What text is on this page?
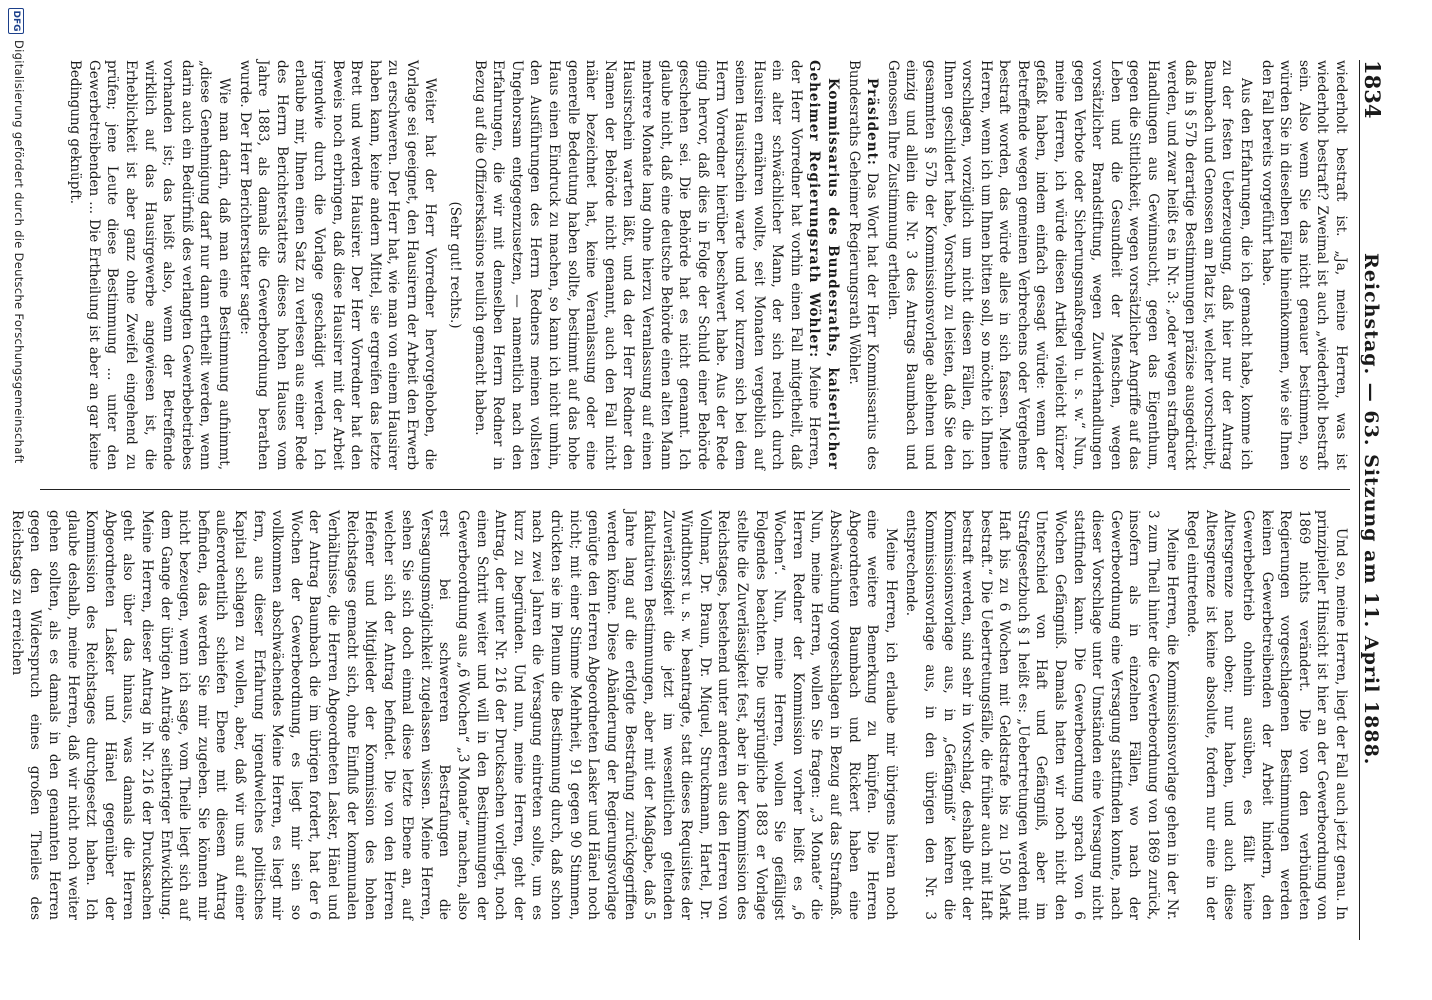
1834
Reichstag. — 63. Sitzung am 11. April 1888.

wiederholt bestraft ist. „Ja, meine Herren, was ist wiederholt bestraft? Zweimal ist auch „wiederholt bestraft sein. Also wenn Sie das nicht genauer bestimmen, so würden Sie in dieselben Fälle hineinkommen, wie sie Ihnen den Fall bereits vorgeführt habe.

Aus den Erfahrungen, die ich gemacht habe, komme ich zu der festen Ueberzeugung, daß hier nur der Antrag Baumbach und Genossen am Platz ist, welcher vorschreibt, daß in § 57b derartige Bestimmungen präzise ausgedrückt werden, und zwar heißt es in Nr. 3: „oder wegen strafbarer Handlungen aus Gewinnsucht, gegen das Eigenthum, gegen die Sittlichkeit, wegen vorsätzlicher Angriffe auf das Leben und die Gesundheit der Menschen, wegen vorsätzlicher Brandstiftung, wegen Zuwiderhandlungen gegen Verbote oder Sicherungsmaßregeln u. s. w.“ Nun, meine Herren, ich würde diesen Artikel vielleicht kürzer gefaßt haben, indem einfach gesagt würde: wenn der Betreffende wegen gemeinen Verbrechens oder Vergehens bestraft worden, das würde alles in sich fassen. Meine Herren, wenn ich um Ihnen bitten soll, so möchte ich Ihnen vorschlagen, vorzüglich um nicht diesen Fällen, die ich Ihnen geschildert habe, Vorschub zu leisten, daß Sie den gesammten § 57b der Kommissionsvorlage ablehnen und einzig und allein die Nr. 3 des Antrags Baumbach und Genossen Ihre Zustimmung ertheilen.

Präsident: Das Wort hat der Herr Kommissarius des Bundesraths Geheimer Regierungsrath Wöhler.

Kommissarius des Bundesraths, kaiserlicher Geheimer Regierungsrath Wöhler: Meine Herren, der Herr Vorredner hat vorhin einen Fall mitgetheilt, daß ein alter schwächlicher Mann, der sich redlich durch Hausiren ernähren wollte, seit Monaten vergeblich auf seinen Hausirschein warte und vor kurzem sich bei dem Herrn Vorredner hierüber beschwert habe. Aus der Rede ging hervor, daß dies in Folge der Schuld einer Behörde geschehen sei. Die Behörde hat es nicht genannt. Ich glaube nicht, daß eine deutsche Behörde einen alten Mann mehrere Monate lang ohne hierzu Veranlassung auf einen Hausirschein warten läßt, und da der Herr Redner den Namen der Behörde nicht genannt, auch den Fall nicht näher bezeichnet hat, keine Veranlassung oder eine generelle Bedeutung haben sollte, bestimmt auf das hohe Haus einen Eindruck zu machen, so kann ich nicht umhin, den Ausführungen des Herrn Redners meinen vollsten Ungehorsam entgegenzusetzen, — namentlich nach den Erfahrungen, die wir mit demselben Herrn Redner in Bezug auf die Offizierskasinos neulich gemacht haben.

(Sehr gut! rechts.)

Weiter hat der Herr Vorredner hervorgehoben, die Vorlage sei geeignet, den Hausirern der Arbeit den Erwerb zu erschweren. Der Herr hat, wie man von einem Hausirer haben kann, keine andern Mittel, sie ergreifen das letzte Brett und werden Hausirer. Der Herr Vorredner hat den Beweis noch erbringen, daß diese Hausirer mit der Arbeit irgendwie durch die Vorlage geschädigt werden. Ich erlaube mir, Ihnen einen Satz zu verlesen aus einer Rede des Herrn Berichterstatters dieses hohen Hauses vom Jahre 1883, als damals die Gewerbeordnung berathen wurde. Der Herr Berichterstatter sagte:

Wie man darin, daß man eine Bestimmung aufnimmt, „diese Genehmigung darf nur dann ertheilt werden, wenn darin auch ein Bedürfniß des verlangten Gewerbebetriebes vorhanden ist; das heißt also, wenn der Betreffende wirklich auf das Hausirgewerbe angewiesen ist, die Erheblichkeit ist aber ganz ohne Zweifel eingehend zu prüfen; jene Leute diese Bestimmung ... unter den Gewerbetreibenden ... Die Ertheilung ist aber an gar keine Bedingung geknüpft.

Und so, meine Herren, liegt der Fall auch jetzt genau. In prinzipieller Hinsicht ist hier an der Gewerbeordnung von 1869 nichts verändert. Die von den verbündeten Regierungen vorgeschlagenen Bestimmungen werden keinen Gewerbetreibenden der Arbeit hindern, den Gewerbebetrieb ohnehin ausüben, es fällt keine Altersgrenze nach oben; nur haben, und auch diese Altersgrenze ist keine absolute, fordern nur eine in der Regel eintretende.

Meine Herren, die Kommissionsvorlage gehen in der Nr. 3 zum Theil hinter die Gewerbeordnung von 1869 zurück, insofern als in einzelnen Fällen, wo nach der Gewerbeordnung eine Versagung stattfinden konnte, nach dieser Vorschlage unter Umständen eine Versagung nicht stattfinden kann. Die Gewerbeordnung sprach von 6 Wochen Gefängniß. Damals hatten wir noch nicht den Unterschied von Haft und Gefängniß, aber im Strafgesetzbuch § 1 heißt es: „Uebertretungen werden mit Haft bis zu 6 Wochen mit Geldstrafe bis zu 150 Mark bestraft.“ Die Uebertretungsfälle, die früher auch mit Haft bestraft werden, sind sehr in Vorschlag, deshalb geht der Kommissionsvorlage aus, in „Gefängniß“ kehren die Kommissionsvorlage aus, in den übrigen den Nr. 3 entsprechende.

Meine Herren, ich erlaube mir übrigens hieran noch eine weitere Bemerkung zu knüpfen. Die Herren Abgeordneten Baumbach und Rickert haben eine Abschwächung vorgeschlagen in Bezug auf das Strafmaß. Nun, meine Herren, wollen Sie fragen: „3 Monate“ die Herren Redner der Kommission vorher heißt es „6 Wochen“. Nun, meine Herren, wollen Sie gefälligst Folgendes beachten. Die ursprüngliche 1883 er Vorlage stellte die Zuverlässigkeit fest, aber in der Kommission des Reichstages, bestehend unter anderen aus den Herren von Vollmar, Dr. Braun, Dr. Miquel, Struckmann, Hartel, Dr. Windthorst u. s. w. beantragte, statt dieses Requisites der Zuverlässigkeit die jetzt im wesentlichen geltenden fakultativen Bestimmungen, aber mit der Maßgabe, daß 5 Jahre lang auf die erfolgte Bestrafung zurückgegriffen werden könne. Diese Abänderung der Regierungsvorlage genügte den Herren Abgeordneten Lasker und Hänel noch nicht; mit einer Stimme Mehrheit, 91 gegen 90 Stimmen, drückten sie im Plenum die Bestimmung durch, daß schon nach zwei Jahren die Versagung eintreten sollte, um es kurz zu begründen. Und nun, meine Herren, geht der Antrag, der unter Nr. 216 der Drucksachen vorliegt, noch einen Schritt weiter und will in den Bestimmungen der Gewerbeordnung aus „6 Wochen“ „3 Monate“ machen, also erst bei schwereren Bestrafungen die Versagungsmöglichkeit zugelassen wissen. Meine Herren, sehen Sie sich doch einmal diese letzte Ebene an, auf welcher sich der Antrag befindet. Die von den Herren Hefener und Mitglieder der Kommission des hohen Reichstages gemacht sich, ohne Einfluß der kommunalen Verhältnisse, die Herren Abgeordneten Lasker, Hänel und der Antrag Baumbach die im übrigen fordert, hat der 6 Wochen der Gewerbeordnung, es liegt mir sein so vollkommen abschwächendes Meine Herren, es liegt mir fern, aus dieser Erfahrung irgendwelches politisches Kapital schlagen zu wollen, aber, daß wir uns auf einer außerordentlich schiefen Ebene mit diesem Antrag befinden, das werden Sie mir zugeben. Sie können mir nicht bezeugen, wenn ich sage, vom Theile liegt sich auf dem Gange der übrigen Anträge seitheriger Entwicklung. Meine Herren, dieser Antrag in Nr. 216 der Drucksachen geht also über das hinaus, was damals die Herren Abgeordneten Lasker und Hänel gegenüber der Kommission des Reichstages durchgesetzt haben. Ich glaube deshalb, meine Herren, daß wir nicht noch weiter gehen sollten, als es damals in den genannten Herren gegen den Widerspruch eines großen Theiles des Reichstags zu erreichen

DFG
Digitalisierung gefördert durch die Deutsche Forschungsgemeinschaft
